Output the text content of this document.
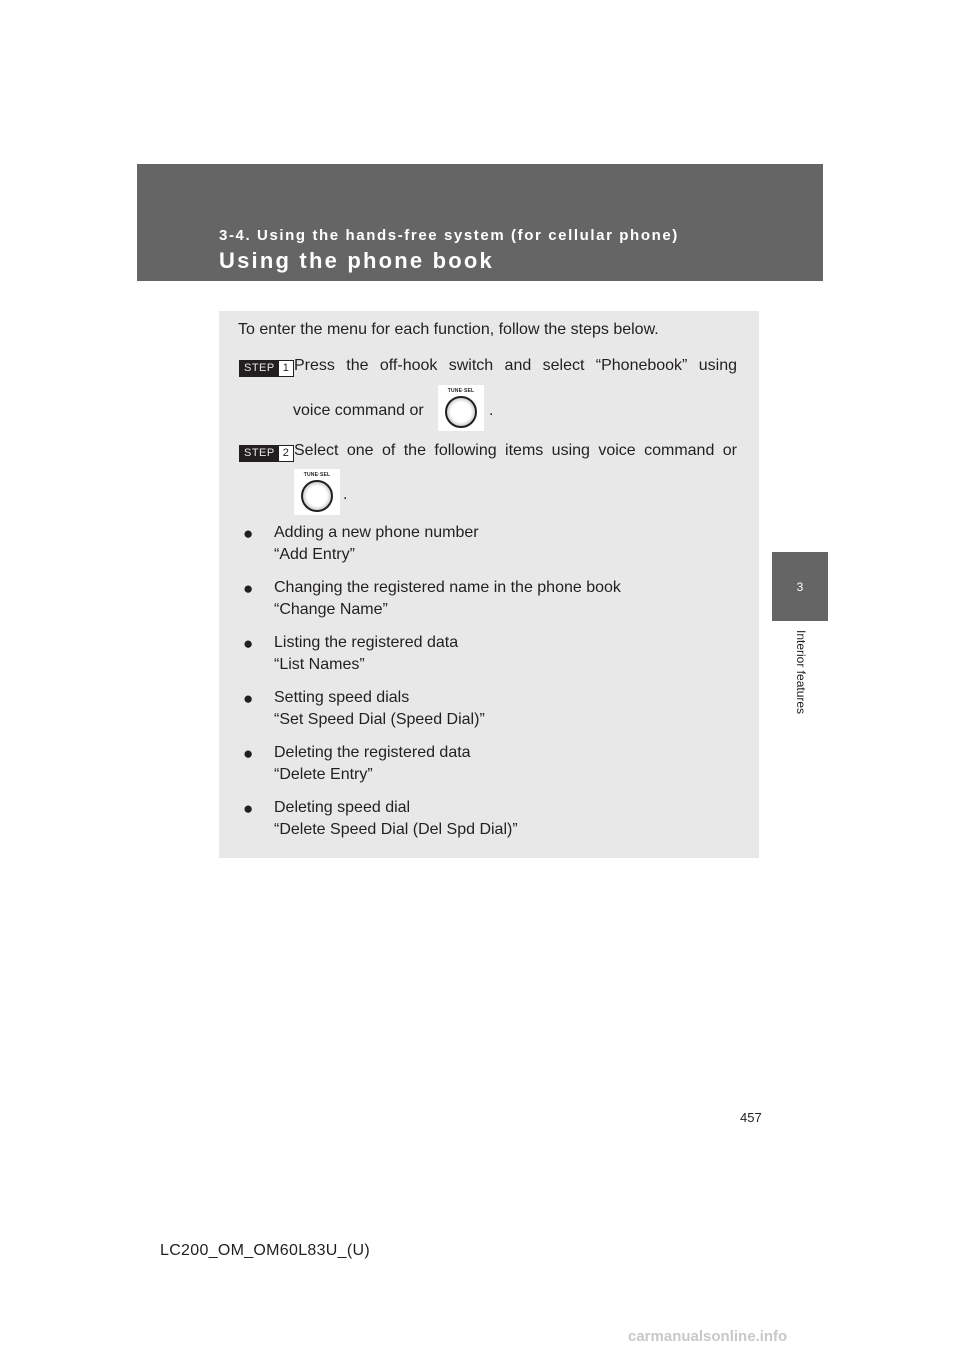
3-4. Using the hands-free system (for cellular phone)
Using the phone book
3
Interior features
To enter the menu for each function, follow the steps below.
STEP 1 Press the off-hook switch and select “Phonebook” using
voice command or
TUNE·SEL
.
STEP 2 Select one of the following items using voice command or
TUNE·SEL
.
● Adding a new phone number
“Add Entry”
● Changing the registered name in the phone book
“Change Name”
● Listing the registered data
“List Names”
● Setting speed dials
“Set Speed Dial (Speed Dial)”
● Deleting the registered data
“Delete Entry”
● Deleting speed dial
“Delete Speed Dial (Del Spd Dial)”
457
LC200_OM_OM60L83U_(U)
carmanualsonline.info
